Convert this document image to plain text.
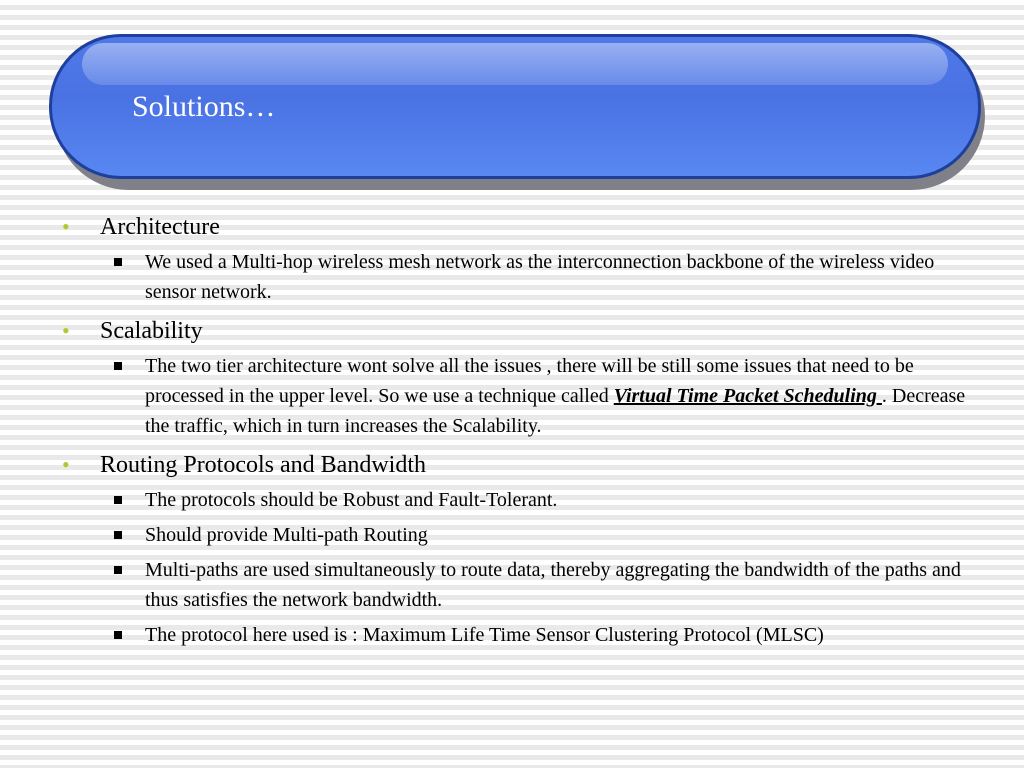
Solutions…
•	Architecture
We used a Multi-hop wireless mesh network as the interconnection backbone of the wireless video sensor network.
•	Scalability
The two tier architecture wont solve all the issues , there will be still some issues that need to be processed in the upper level. So we use a technique called Virtual Time Packet Scheduling . Decrease the traffic, which in turn increases the Scalability.
•	Routing Protocols and Bandwidth
The protocols should be Robust and Fault-Tolerant.
Should provide Multi-path Routing
Multi-paths are used simultaneously to route data, thereby aggregating the bandwidth of the paths and thus satisfies the network bandwidth.
The protocol here used is : Maximum Life Time Sensor Clustering Protocol (MLSC)
